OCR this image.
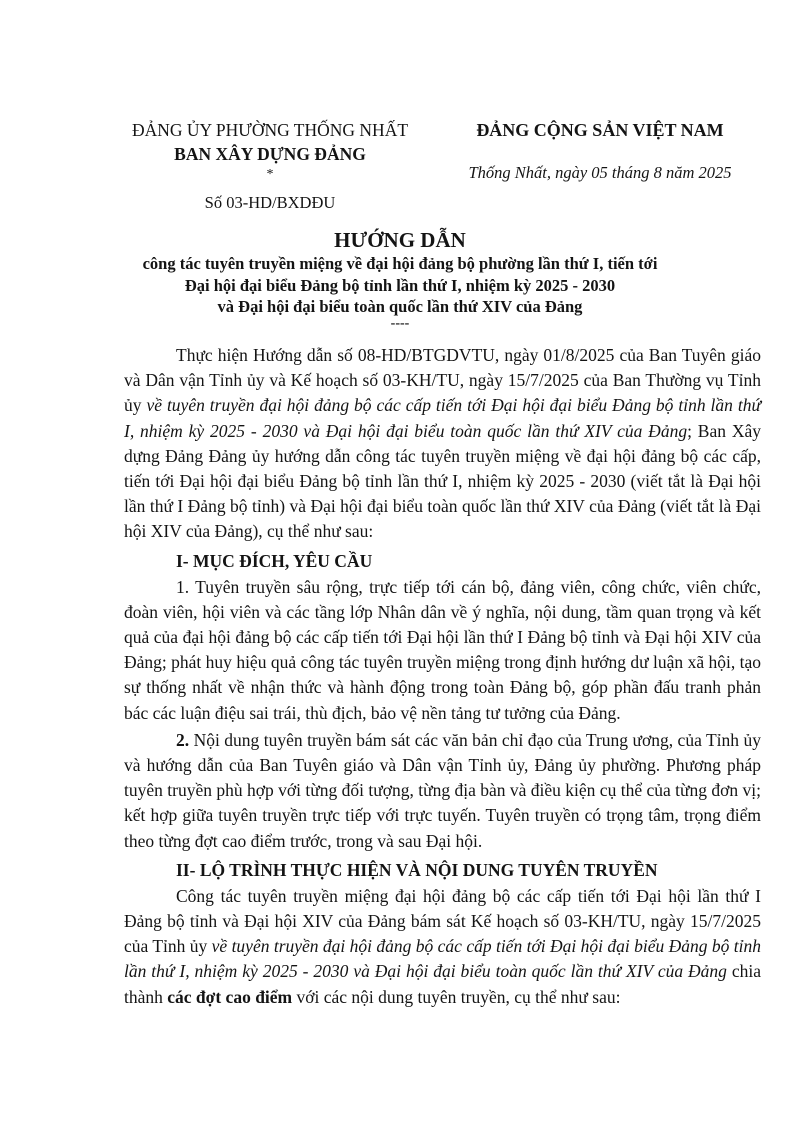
ĐẢNG ỦY PHƯỜNG THỐNG NHẤT
BAN XÂY DỰNG ĐẢNG
*
Số 03-HD/BXDĐU
ĐẢNG CỘNG SẢN VIỆT NAM
Thống Nhất, ngày 05 tháng 8 năm 2025
HƯỚNG DẪN
công tác tuyên truyền miệng về đại hội đảng bộ phường lần thứ I, tiến tới
Đại hội đại biểu Đảng bộ tỉnh lần thứ I, nhiệm kỳ 2025 - 2030
và Đại hội đại biểu toàn quốc lần thứ XIV của Đảng
----

Thực hiện Hướng dẫn số 08-HD/BTGDVTU, ngày 01/8/2025 của Ban Tuyên giáo và Dân vận Tỉnh ủy và Kế hoạch số 03-KH/TU, ngày 15/7/2025 của Ban Thường vụ Tỉnh ủy về tuyên truyền đại hội đảng bộ các cấp tiến tới Đại hội đại biểu Đảng bộ tỉnh lần thứ I, nhiệm kỳ 2025 - 2030 và Đại hội đại biểu toàn quốc lần thứ XIV của Đảng; Ban Xây dựng Đảng Đảng ủy hướng dẫn công tác tuyên truyền miệng về đại hội đảng bộ các cấp, tiến tới Đại hội đại biểu Đảng bộ tỉnh lần thứ I, nhiệm kỳ 2025 - 2030 (viết tắt là Đại hội lần thứ I Đảng bộ tỉnh) và Đại hội đại biểu toàn quốc lần thứ XIV của Đảng (viết tắt là Đại hội XIV của Đảng), cụ thể như sau:

I- MỤC ĐÍCH, YÊU CẦU

1. Tuyên truyền sâu rộng, trực tiếp tới cán bộ, đảng viên, công chức, viên chức, đoàn viên, hội viên và các tầng lớp Nhân dân về ý nghĩa, nội dung, tầm quan trọng và kết quả của đại hội đảng bộ các cấp tiến tới Đại hội lần thứ I Đảng bộ tỉnh và Đại hội XIV của Đảng; phát huy hiệu quả công tác tuyên truyền miệng trong định hướng dư luận xã hội, tạo sự thống nhất về nhận thức và hành động trong toàn Đảng bộ, góp phần đấu tranh phản bác các luận điệu sai trái, thù địch, bảo vệ nền tảng tư tưởng của Đảng.

2. Nội dung tuyên truyền bám sát các văn bản chỉ đạo của Trung ương, của Tỉnh ủy và hướng dẫn của Ban Tuyên giáo và Dân vận Tỉnh ủy, Đảng ủy phường. Phương pháp tuyên truyền phù hợp với từng đối tượng, từng địa bàn và điều kiện cụ thể của từng đơn vị; kết hợp giữa tuyên truyền trực tiếp với trực tuyến. Tuyên truyền có trọng tâm, trọng điểm theo từng đợt cao điểm trước, trong và sau Đại hội.

II- LỘ TRÌNH THỰC HIỆN VÀ NỘI DUNG TUYÊN TRUYỀN

Công tác tuyên truyền miệng đại hội đảng bộ các cấp tiến tới Đại hội lần thứ I Đảng bộ tỉnh và Đại hội XIV của Đảng bám sát Kế hoạch số 03-KH/TU, ngày 15/7/2025 của Tỉnh ủy về tuyên truyền đại hội đảng bộ các cấp tiến tới Đại hội đại biểu Đảng bộ tỉnh lần thứ I, nhiệm kỳ 2025 - 2030 và Đại hội đại biểu toàn quốc lần thứ XIV của Đảng chia thành các đợt cao điểm với các nội dung tuyên truyền, cụ thể như sau:
